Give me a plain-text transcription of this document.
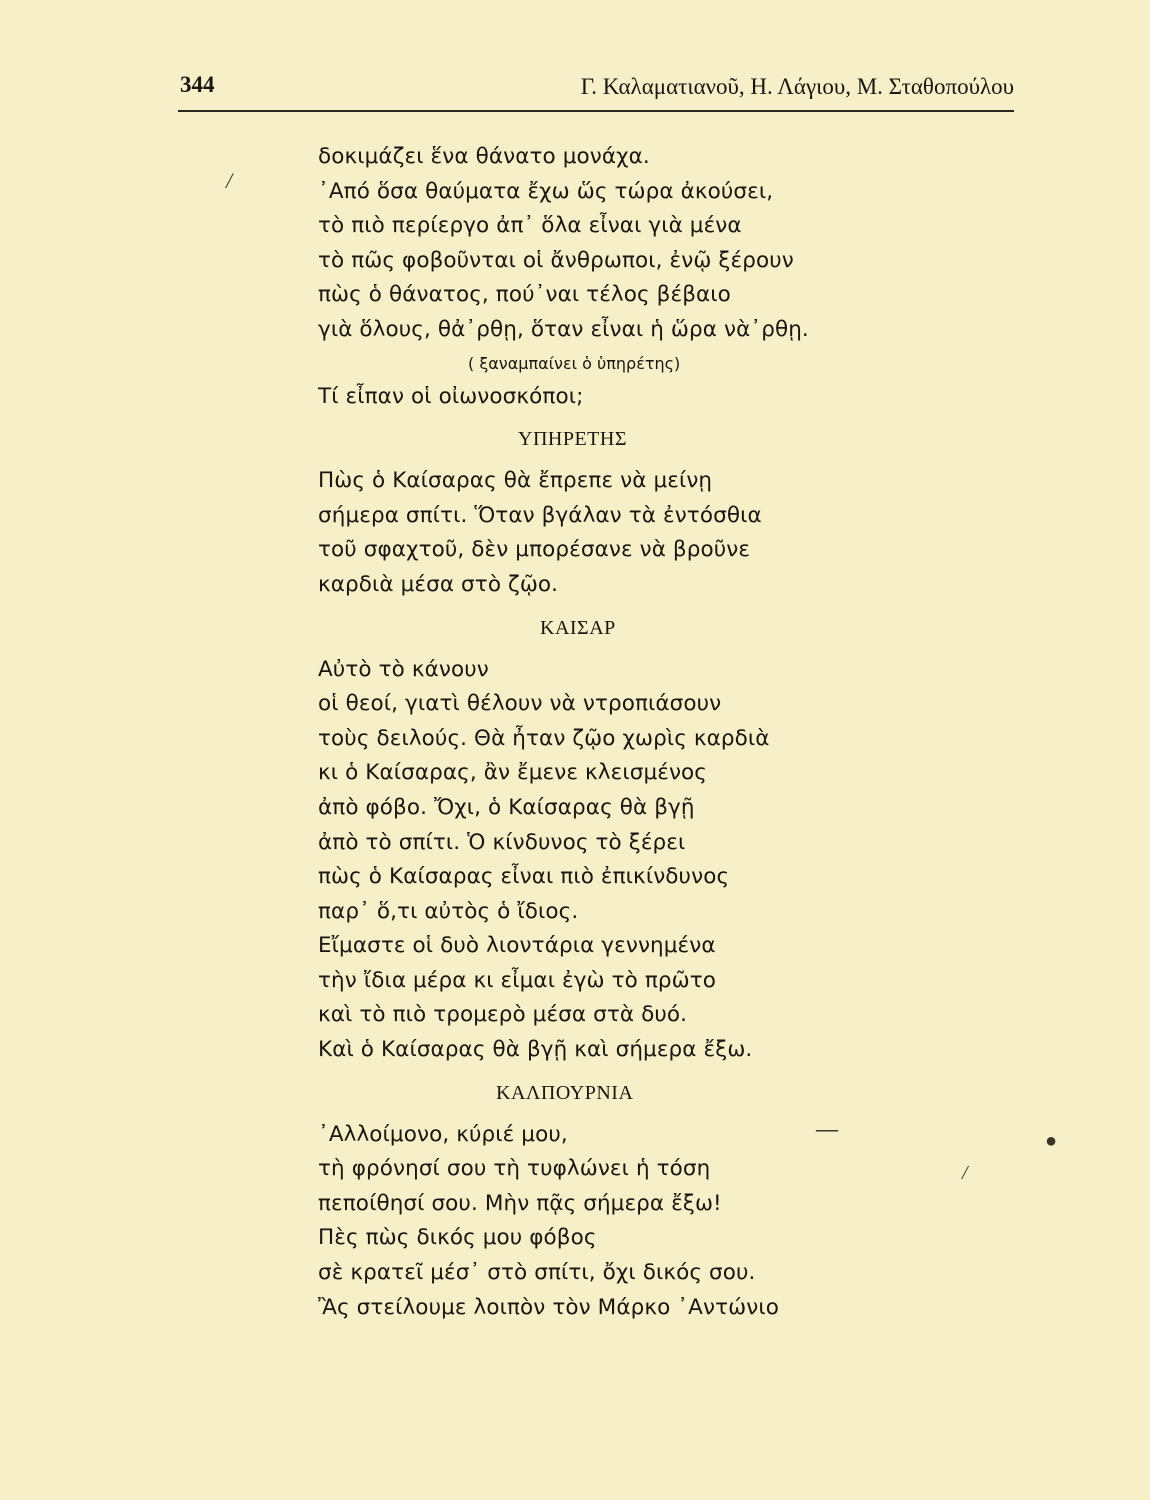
344	Γ. Καλαματιανοῦ, Η. Λάγιου, Μ. Σταθοπούλου
/
—	●
/
δοκιμάζει ἕνα θάνατο μονάχα.
᾿Από ὅσα θαύματα ἔχω ὥς τώρα ἀκούσει,
τὸ πιὸ περίεργο ἀπ᾿ ὅλα εἶναι γιὰ μένα
τὸ πῶς φοβοῦνται οἱ ἄνθρωποι, ἐνῷ ξέρουν
πὼς ὁ θάνατος, πού᾿ναι τέλος βέβαιο
γιὰ ὅλους, θἀ᾿ρθῃ, ὅταν εἶναι ἡ ὥρα νὰ᾿ρθῃ.
( ξαναμπαίνει ὁ ὑπηρέτης)
Τί εἶπαν οἱ οἰωνοσκόποι;
ΥΠΗΡΕΤΗΣ
Πὼς ὁ Καίσαρας θὰ ἔπρεπε νὰ μείνῃ
σήμερα σπίτι. Ὅταν βγάλαν τὰ ἐντόσθια
τοῦ σφαχτοῦ, δὲν μπορέσανε νὰ βροῦνε
καρδιὰ μέσα στὸ ζῷο.
ΚΑΙΣΑΡ
Αὐτὸ τὸ κάνουν
οἱ θεοί, γιατὶ θέλουν νὰ ντροπιάσουν
τοὺς δειλούς. Θὰ ἦταν ζῷο χωρὶς καρδιὰ
κι ὁ Καίσαρας, ἂν ἔμενε κλεισμένος
ἀπὸ φόβο. Ὄχι, ὁ Καίσαρας θὰ βγῇ
ἀπὸ τὸ σπίτι. Ὁ κίνδυνος τὸ ξέρει
πὼς ὁ Καίσαρας εἶναι πιὸ ἐπικίνδυνος
παρ᾿ ὅ,τι αὐτὸς ὁ ἴδιος.
Εἴμαστε οἱ δυὸ λιοντάρια γεννημένα
τὴν ἴδια μέρα κι εἶμαι ἐγὼ τὸ πρῶτο
καὶ τὸ πιὸ τρομερὸ μέσα στὰ δυό.
Καὶ ὁ Καίσαρας θὰ βγῇ καὶ σήμερα ἔξω.
ΚΑΛΠΟΥΡΝΙΑ
᾿Αλλοίμονο, κύριέ μου,
τὴ φρόνησί σου τὴ τυφλώνει ἡ τόση
πεποίθησί σου. Μὴν πᾷς σήμερα ἔξω!
Πὲς πὼς δικός μου φόβος
σὲ κρατεῖ μέσ᾿ στὸ σπίτι, ὄχι δικός σου.
Ἂς στείλουμε λοιπὸν τὸν Μάρκο ᾿Αντώνιο
